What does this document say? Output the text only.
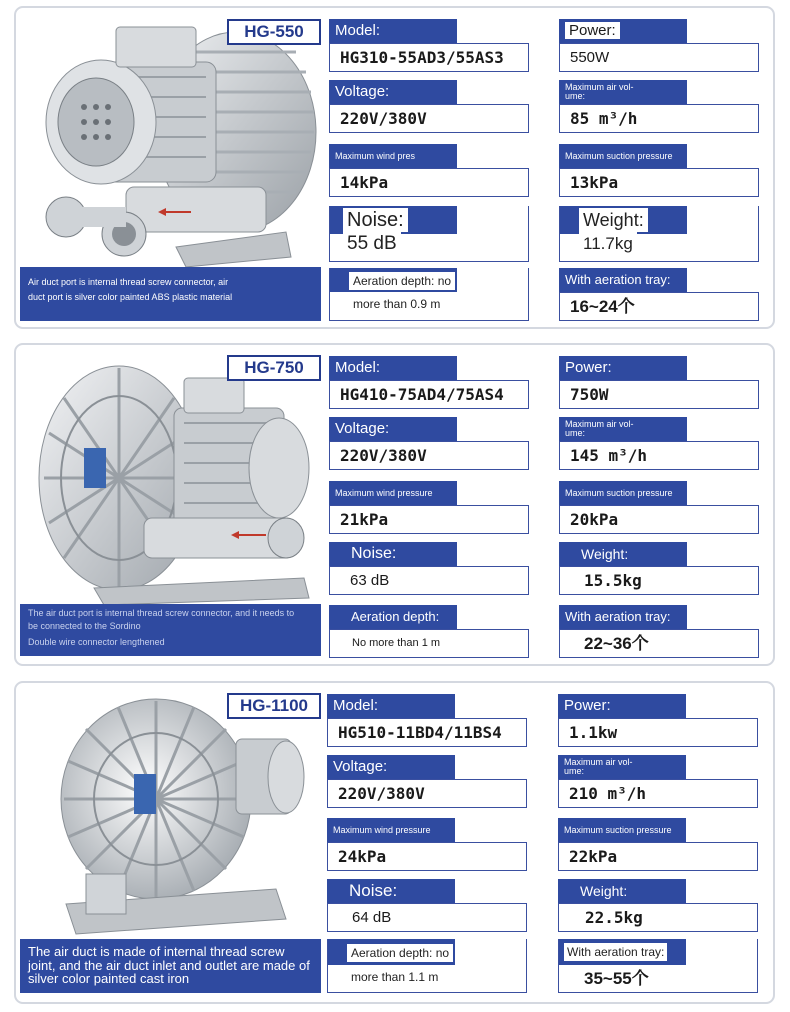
HG-550
Air duct port is internal thread screw connector, air
duct port is silver color painted ABS plastic material
Model:
HG310-55AD3/55AS3
Power:
550W
Voltage:
220V/380V
Maximum air vol-
ume:
85 m³/h
Maximum wind pres
14kPa
Maximum suction pressure
13kPa
Noise:
55 dB
Weight:
11.7kg
Aeration depth: no
more than 0.9 m
With aeration tray:
16~24个
HG-750
The air duct port is internal thread screw connector, and it needs to
be connected to the Sordino
Double wire connector lengthened
Model:
HG410-75AD4/75AS4
Power:
750W
Voltage:
220V/380V
Maximum air vol-
ume:
145 m³/h
Maximum wind pressure
21kPa
Maximum suction pressure
20kPa
Noise:
63 dB
Weight:
15.5kg
Aeration depth:
No more than 1 m
With aeration tray:
22~36个
HG-1100
The air duct is made of internal thread screw joint, and the air duct inlet and outlet are made of silver color painted cast iron
Model:
HG510-11BD4/11BS4
Power:
1.1kw
Voltage:
220V/380V
Maximum air vol-
ume:
210 m³/h
Maximum wind pressure
24kPa
Maximum suction pressure
22kPa
Noise:
64 dB
Weight:
22.5kg
Aeration depth: no
more than 1.1 m
With aeration tray:
35~55个
